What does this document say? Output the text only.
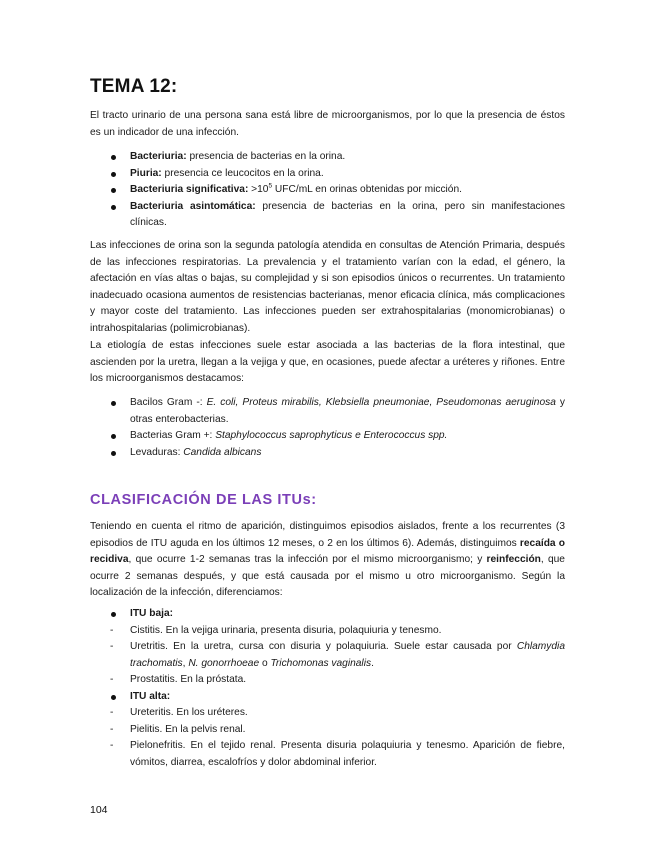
TEMA 12:

El tracto urinario de una persona sana está libre de microorganismos, por lo que la presencia de éstos es un indicador de una infección.

Bacteriuria: presencia de bacterias en la orina.
Piuria: presencia ce leucocitos en la orina.
Bacteriuria significativa: $>10^5$ UFC/mL en orinas obtenidas por micción.
Bacteriuria asintomática: presencia de bacterias en la orina, pero sin manifestaciones clínicas.

Las infecciones de orina son la segunda patología atendida en consultas de Atención Primaria, después de las infecciones respiratorias. La prevalencia y el tratamiento varían con la edad, el género, la afectación en vías altas o bajas, su complejidad y si son episodios únicos o recurrentes. Un tratamiento inadecuado ocasiona aumentos de resistencias bacterianas, menor eficacia clínica, más complicaciones y mayor coste del tratamiento. Las infecciones pueden ser extrahospitalarias (monomicrobianas) o intrahospitalarias (polimicrobianas).

La etiología de estas infecciones suele estar asociada a las bacterias de la flora intestinal, que ascienden por la uretra, llegan a la vejiga y que, en ocasiones, puede afectar a uréteres y riñones. Entre los microorganismos destacamos:

Bacilos Gram -: E. coli, Proteus mirabilis, Klebsiella pneumoniae, Pseudomonas aeruginosa y otras enterobacterias.
Bacterias Gram +: Staphylococcus saprophyticus e Enterococcus spp.
Levaduras: Candida albicans
CLASIFICACIÓN DE LAS ITUs:

Teniendo en cuenta el ritmo de aparición, distinguimos episodios aislados, frente a los recurrentes (3 episodios de ITU aguda en los últimos 12 meses, o 2 en los últimos 6). Además, distinguimos recaída o recidiva, que ocurre 1-2 semanas tras la infección por el mismo microorganismo; y reinfección, que ocurre 2 semanas después, y que está causada por el mismo u otro microorganismo. Según la localización de la infección, diferenciamos:

ITU baja:
- Cistitis. En la vejiga urinaria, presenta disuria, polaquiuria y tenesmo.
- Uretritis. En la uretra, cursa con disuria y polaquiuria. Suele estar causada por Chlamydia trachomatis, N. gonorrhoeae o Trichomonas vaginalis.
- Prostatitis. En la próstata.
ITU alta:
- Ureteritis. En los uréteres.
- Pielitis. En la pelvis renal.
- Pielonefritis. En el tejido renal. Presenta disuria polaquiuria y tenesmo. Aparición de fiebre, vómitos, diarrea, escalofríos y dolor abdominal inferior.
104
